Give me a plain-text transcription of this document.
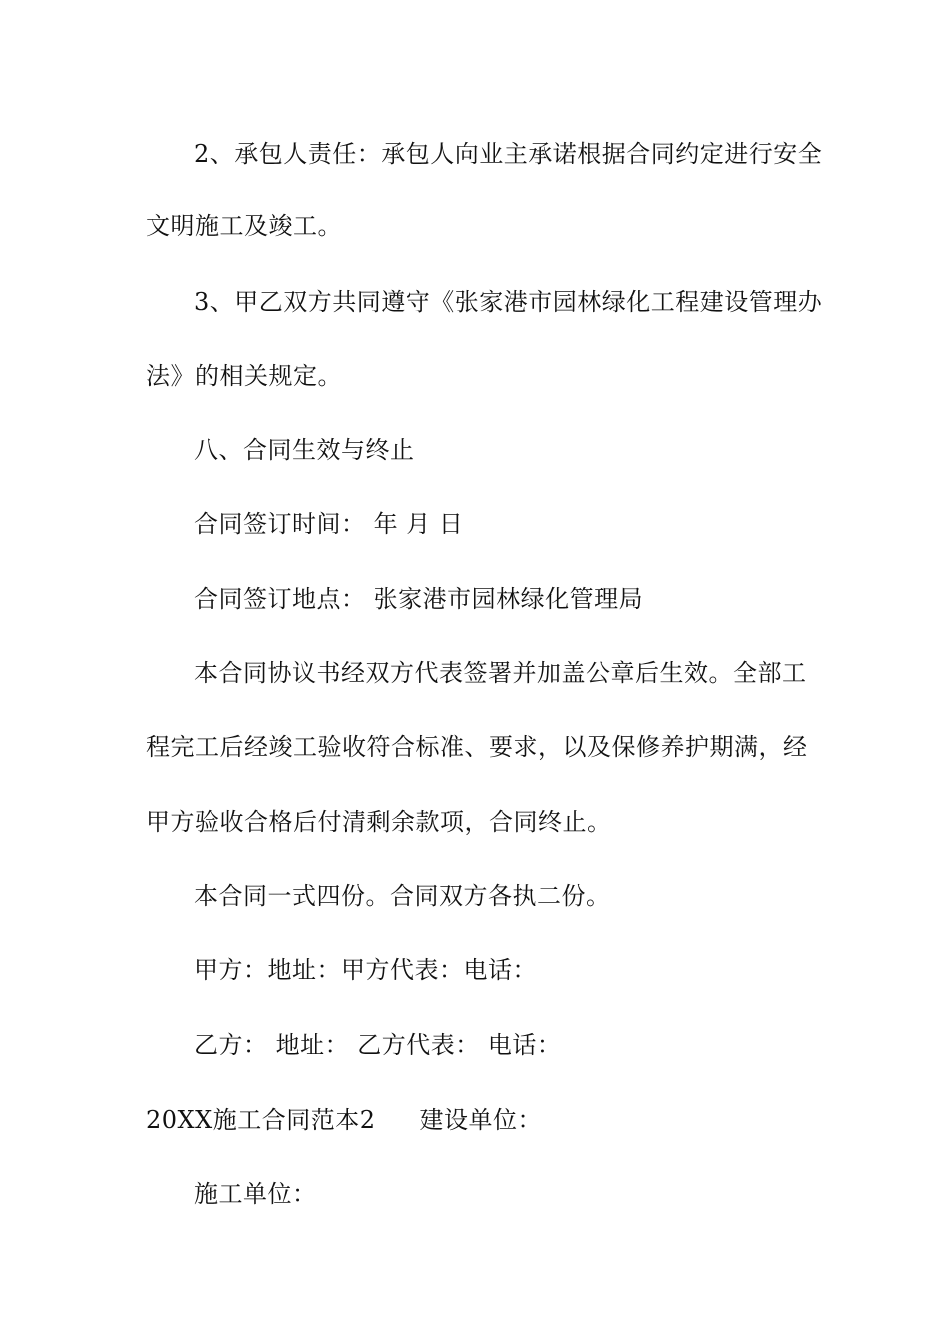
2、承包人责任：承包人向业主承诺根据合同约定进行安全
文明施工及竣工。
3、甲乙双方共同遵守《张家港市园林绿化工程建设管理办
法》的相关规定。
八、合同生效与终止
合同签订时间： 年 月 日
合同签订地点： 张家港市园林绿化管理局
本合同协议书经双方代表签署并加盖公章后生效。全部工
程完工后经竣工验收符合标准、要求，以及保修养护期满，经
甲方验收合格后付清剩余款项，合同终止。
本合同一式四份。合同双方各执二份。
甲方：地址：甲方代表：电话：
乙方： 地址： 乙方代表： 电话：
20XX施工合同范本2 建设单位：
施工单位：
